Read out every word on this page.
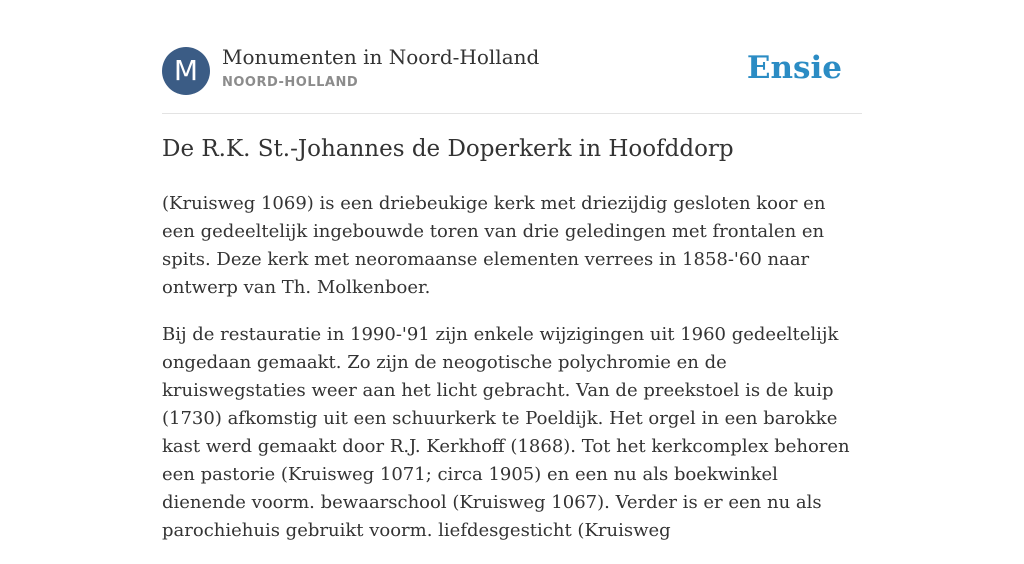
M	Monumenten in Noord-Holland
NOORD-HOLLAND	Ensie
De R.K. St.-Johannes de Doperkerk in Hoofddorp

(Kruisweg 1069) is een driebeukige kerk met driezijdig gesloten koor en een gedeeltelijk ingebouwde toren van drie geledingen met frontalen en spits. Deze kerk met neoromaanse elementen verrees in 1858-'60 naar ontwerp van Th. Molkenboer.

Bij de restauratie in 1990-'91 zijn enkele wijzigingen uit 1960 gedeeltelijk ongedaan gemaakt. Zo zijn de neogotische polychromie en de kruiswegstaties weer aan het licht gebracht. Van de preekstoel is de kuip (1730) afkomstig uit een schuurkerk te Poeldijk. Het orgel in een barokke kast werd gemaakt door R.J. Kerkhoff (1868). Tot het kerkcomplex behoren een pastorie (Kruisweg 1071; circa 1905) en een nu als boekwinkel dienende voorm. bewaarschool (Kruisweg 1067). Verder is er een nu als parochiehuis gebruikt voorm. liefdesgesticht (Kruisweg
